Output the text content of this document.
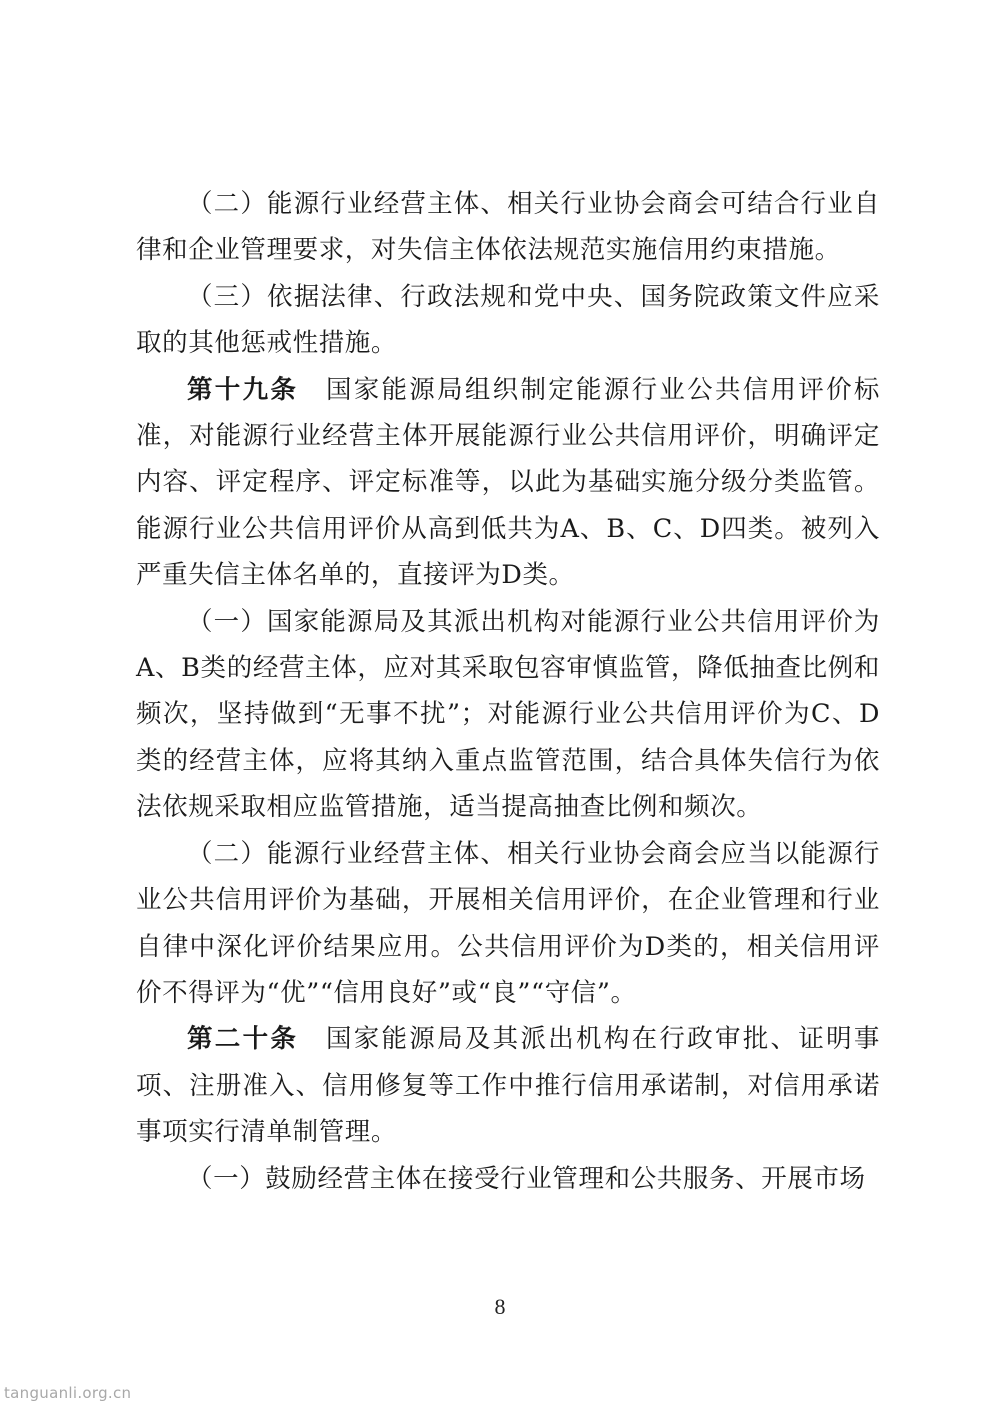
（二）能源行业经营主体、相关行业协会商会可结合行业自律和企业管理要求，对失信主体依法规范实施信用约束措施。

（三）依据法律、行政法规和党中央、国务院政策文件应采取的其他惩戒性措施。

第十九条　 国家能源局组织制定能源行业公共信用评价标准，对能源行业经营主体开展能源行业公共信用评价，明确评定内容、评定程序、评定标准等，以此为基础实施分级分类监管。能源行业公共信用评价从高到低共为A、B、C、D四类。被列入严重失信主体名单的，直接评为D类。

（一）国家能源局及其派出机构对能源行业公共信用评价为A、B类的经营主体，应对其采取包容审慎监管，降低抽查比例和频次，坚持做到“无事不扰”；对能源行业公共信用评价为C、D类的经营主体，应将其纳入重点监管范围，结合具体失信行为依法依规采取相应监管措施，适当提高抽查比例和频次。

（二）能源行业经营主体、相关行业协会商会应当以能源行业公共信用评价为基础，开展相关信用评价，在企业管理和行业自律中深化评价结果应用。公共信用评价为D类的，相关信用评价不得评为“优”“信用良好”或“良”“守信”。

第二十条　 国家能源局及其派出机构在行政审批、证明事项、注册准入、信用修复等工作中推行信用承诺制，对信用承诺事项实行清单制管理。

（一）鼓励经营主体在接受行业管理和公共服务、开展市场

8
tanguanli.org.cn
